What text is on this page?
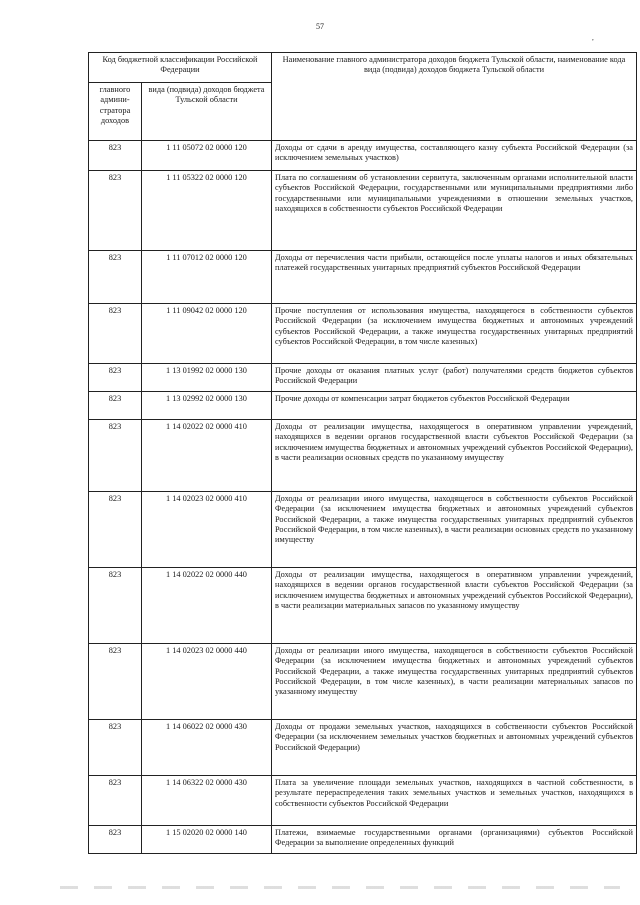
57
,
Код бюджетной классификации Российской Федерации		Наименование главного администратора доходов бюджета Тульской области, наименование кода вида (подвида) доходов бюджета Тульской области
главного админи-стратора доходов	вида (подвида) доходов бюджета Тульской области	
823	1 11 05072 02 0000 120	Доходы от сдачи в аренду имущества, составляющего казну субъекта Российской Федерации (за исключением земельных участков)
823	1 11 05322 02 0000 120	Плата по соглашениям об установлении сервитута, заключенным органами исполнительной власти субъектов Российской Федерации, государственными или муниципальными предприятиями либо государственными или муниципальными учреждениями в отношении земельных участков, находящихся в собственности субъектов Российской Федерации
823	1 11 07012 02 0000 120	Доходы от перечисления части прибыли, остающейся после уплаты налогов и иных обязательных платежей государственных унитарных предприятий субъектов Российской Федерации
823	1 11 09042 02 0000 120	Прочие поступления от использования имущества, находящегося в собственности субъектов Российской Федерации (за исключением имущества бюджетных и автономных учреждений субъектов Российской Федерации, а также имущества государственных унитарных предприятий субъектов Российской Федерации, в том числе казенных)
823	1 13 01992 02 0000 130	Прочие доходы от оказания платных услуг (работ) получателями средств бюджетов субъектов Российской Федерации
823	1 13 02992 02 0000 130	Прочие доходы от компенсации затрат бюджетов субъектов Российской Федерации
823	1 14 02022 02 0000 410	Доходы от реализации имущества, находящегося в оперативном управлении учреждений, находящихся в ведении органов государственной власти субъектов Российской Федерации (за исключением имущества бюджетных и автономных учреждений субъектов Российской Федерации), в части реализации основных средств по указанному имуществу
823	1 14 02023 02 0000 410	Доходы от реализации иного имущества, находящегося в собственности субъектов Российской Федерации (за исключением имущества бюджетных и автономных учреждений субъектов Российской Федерации, а также имущества государственных унитарных предприятий субъектов Российской Федерации, в том числе казенных), в части реализации основных средств по указанному имуществу
823	1 14 02022 02 0000 440	Доходы от реализации имущества, находящегося в оперативном управлении учреждений, находящихся в ведении органов государственной власти субъектов Российской Федерации (за исключением имущества бюджетных и автономных учреждений субъектов Российской Федерации), в части реализации материальных запасов по указанному имуществу
823	1 14 02023 02 0000 440	Доходы от реализации иного имущества, находящегося в собственности субъектов Российской Федерации (за исключением имущества бюджетных и автономных учреждений субъектов Российской Федерации, а также имущества государственных унитарных предприятий субъектов Российской Федерации, в том числе казенных), в части реализации материальных запасов по указанному имуществу
823	1 14 06022 02 0000 430	Доходы от продажи земельных участков, находящихся в собственности субъектов Российской Федерации (за исключением земельных участков бюджетных и автономных учреждений субъектов Российской Федерации)
823	1 14 06322 02 0000 430	Плата за увеличение площади земельных участков, находящихся в частной собственности, в результате перераспределения таких земельных участков и земельных участков, находящихся в собственности субъектов Российской Федерации
823	1 15 02020 02 0000 140	Платежи, взимаемые государственными органами (организациями) субъектов Российской Федерации за выполнение определенных функций
